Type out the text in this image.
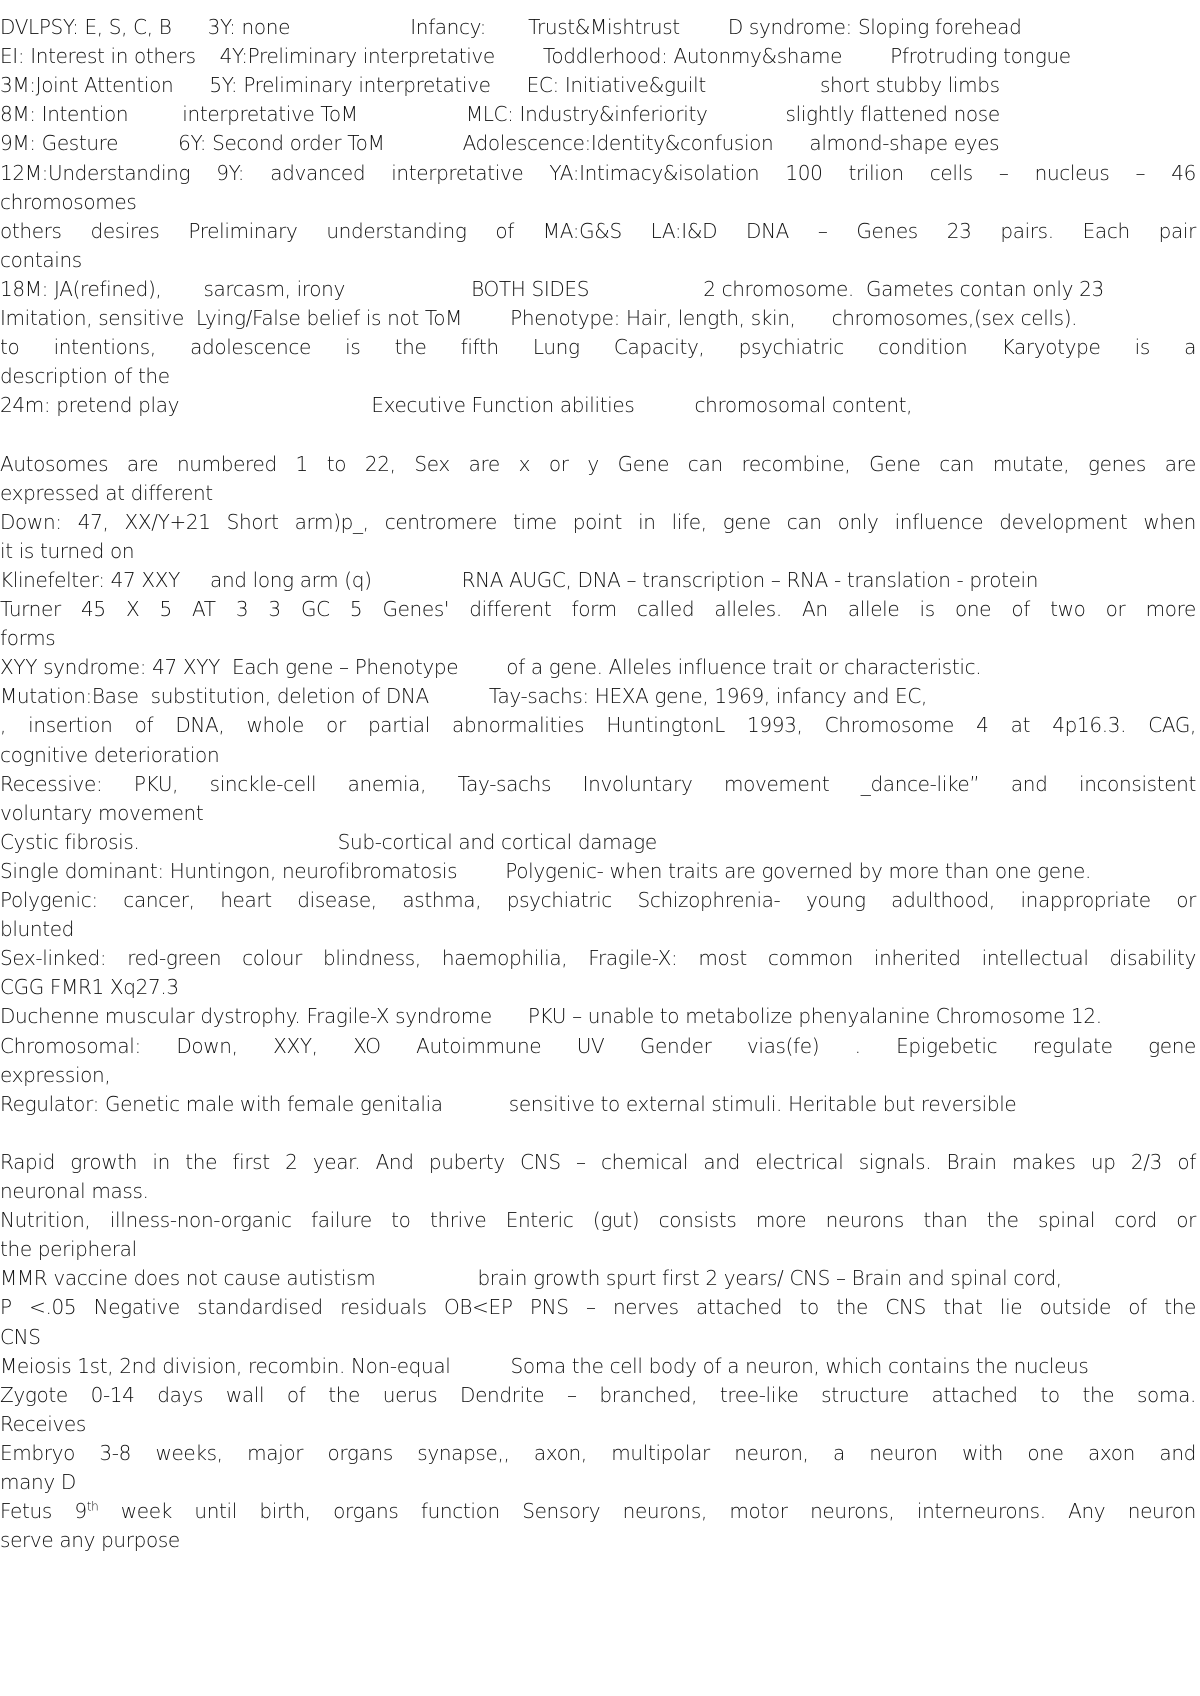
DVLPSY: E, S, C, B      3Y: none                    Infancy:       Trust&Mishtrust        D syndrome: Sloping forehead
EI: Interest in others    4Y:Preliminary interpretative        Toddlerhood: Autonmy&shame        Pfrotruding tongue
3M:Joint Attention      5Y: Preliminary interpretative      EC: Initiative&guilt                   short stubby limbs
8M: Intention         interpretative ToM                  MLC: Industry&inferiority             slightly flattened nose
9M: Gesture          6Y: Second order ToM             Adolescence:Identity&confusion      almond-shape eyes
12M:Understanding 9Y: advanced interpretative YA:Intimacy&isolation 100 trilion cells – nucleus – 46
chromosomes
others desires Preliminary understanding of MA:G&S LA:I&D DNA – Genes 23 pairs. Each pair
contains
18M: JA(refined),       sarcasm, irony                     BOTH SIDES                   2 chromosome.  Gametes contan only 23
Imitation, sensitive  Lying/False belief is not ToM        Phenotype: Hair, length, skin,      chromosomes,(sex cells).
to intentions, adolescence is the fifth Lung Capacity, psychiatric condition Karyotype is a
description of the
24m: pretend play                                Executive Function abilities          chromosomal content,
Autosomes are numbered 1 to 22, Sex are x or y Gene can recombine, Gene can mutate, genes are
expressed at different
Down: 47, XX/Y+21 Short arm)p_, centromere time point in life, gene can only influence development when
it is turned on
Klinefelter: 47 XXY     and long arm (q)               RNA AUGC, DNA – transcription – RNA - translation - protein
Turner 45 X 5 AT 3 3 GC 5 Genes' different form called alleles. An allele is one of two or more
forms
XYY syndrome: 47 XYY  Each gene – Phenotype        of a gene. Alleles influence trait or characteristic.
Mutation:Base  substitution, deletion of DNA          Tay-sachs: HEXA gene, 1969, infancy and EC,
, insertion of DNA, whole or partial abnormalities HuntingtonL 1993, Chromosome 4 at 4p16.3. CAG,
cognitive deterioration
Recessive: PKU, sinckle-cell anemia, Tay-sachs Involuntary movement _dance-like” and inconsistent
voluntary movement
Cystic fibrosis.                                 Sub-cortical and cortical damage
Single dominant: Huntingon, neurofibromatosis        Polygenic- when traits are governed by more than one gene.
Polygenic: cancer, heart disease, asthma, psychiatric Schizophrenia- young adulthood, inappropriate or
blunted
Sex-linked: red-green colour blindness, haemophilia, Fragile-X: most common inherited intellectual disability
CGG FMR1 Xq27.3
Duchenne muscular dystrophy. Fragile-X syndrome      PKU – unable to metabolize phenyalanine Chromosome 12.
Chromosomal: Down, XXY, XO Autoimmune UV Gender vias(fe) . Epigebetic regulate gene
expression,
Regulator: Genetic male with female genitalia           sensitive to external stimuli. Heritable but reversible
Rapid growth in the first 2 year. And puberty CNS – chemical and electrical signals. Brain makes up 2/3 of
neuronal mass.
Nutrition, illness-non-organic failure to thrive Enteric (gut) consists more neurons than the spinal cord or
the peripheral
MMR vaccine does not cause autistism                 brain growth spurt first 2 years/ CNS – Brain and spinal cord,
P <.05 Negative standardised residuals OB<EP PNS – nerves attached to the CNS that lie outside of the
CNS
Meiosis 1st, 2nd division, recombin. Non-equal          Soma the cell body of a neuron, which contains the nucleus
Zygote 0-14 days wall of the uerus Dendrite – branched, tree-like structure attached to the soma.
Receives
Embryo 3-8 weeks, major organs synapse,, axon, multipolar neuron, a neuron with one axon and
many D
Fetus 9th week until birth, organs function Sensory neurons, motor neurons, interneurons. Any neuron
serve any purpose
